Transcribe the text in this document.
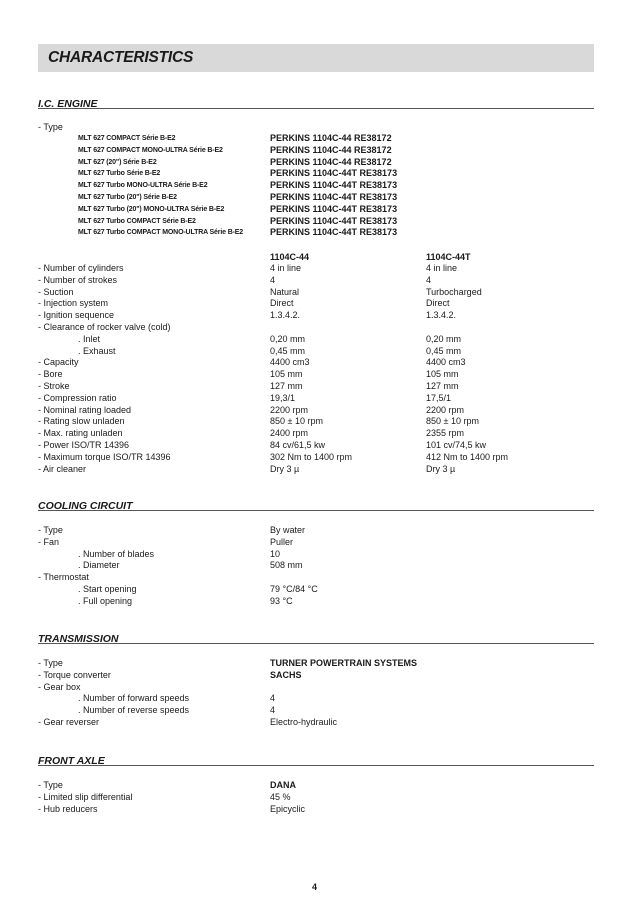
CHARACTERISTICS
I.C. ENGINE
- Type
MLT 627 COMPACT Série B-E2	PERKINS 1104C-44 RE38172
MLT 627 COMPACT MONO-ULTRA Série B-E2	PERKINS 1104C-44 RE38172
MLT 627 (20") Série B-E2	PERKINS 1104C-44 RE38172
MLT 627 Turbo Série B-E2	PERKINS 1104C-44T RE38173
MLT 627 Turbo MONO-ULTRA Série B-E2	PERKINS 1104C-44T RE38173
MLT 627 Turbo (20") Série B-E2	PERKINS 1104C-44T RE38173
MLT 627 Turbo (20") MONO-ULTRA Série B-E2	PERKINS 1104C-44T RE38173
MLT 627 Turbo COMPACT Série B-E2	PERKINS 1104C-44T RE38173
MLT 627 Turbo COMPACT MONO-ULTRA Série B-E2	PERKINS 1104C-44T RE38173
1104C-44	1104C-44T
- Number of cylinders	4 in line	4 in line
- Number of strokes	4	4
- Suction	Natural	Turbocharged
- Injection system	Direct	Direct
- Ignition sequence	1.3.4.2.	1.3.4.2.
- Clearance of rocker valve (cold)
. Inlet	0,20 mm	0,20 mm
. Exhaust	0,45 mm	0,45 mm
- Capacity	4400 cm3	4400 cm3
- Bore	105 mm	105 mm
- Stroke	127 mm	127 mm
- Compression ratio	19,3/1	17,5/1
- Nominal rating loaded	2200 rpm	2200 rpm
- Rating slow unladen	850 ± 10 rpm	850 ± 10 rpm
- Max. rating unladen	2400 rpm	2355 rpm
- Power ISO/TR 14396	84 cv/61,5 kw	101 cv/74,5 kw
- Maximum torque ISO/TR 14396	302 Nm to 1400 rpm	412 Nm to 1400 rpm
- Air cleaner	Dry 3 µ	Dry 3 µ
COOLING CIRCUIT
- Type	By water
- Fan	Puller
. Number of blades	10
. Diameter	508 mm
- Thermostat
. Start opening	79 °C/84 °C
. Full opening	93 °C
TRANSMISSION
- Type	TURNER POWERTRAIN SYSTEMS
- Torque converter	SACHS
- Gear box
. Number of forward speeds	4
. Number of reverse speeds	4
- Gear reverser	Electro-hydraulic
FRONT AXLE
- Type	DANA
- Limited slip differential	45 %
- Hub reducers	Epicyclic
4
